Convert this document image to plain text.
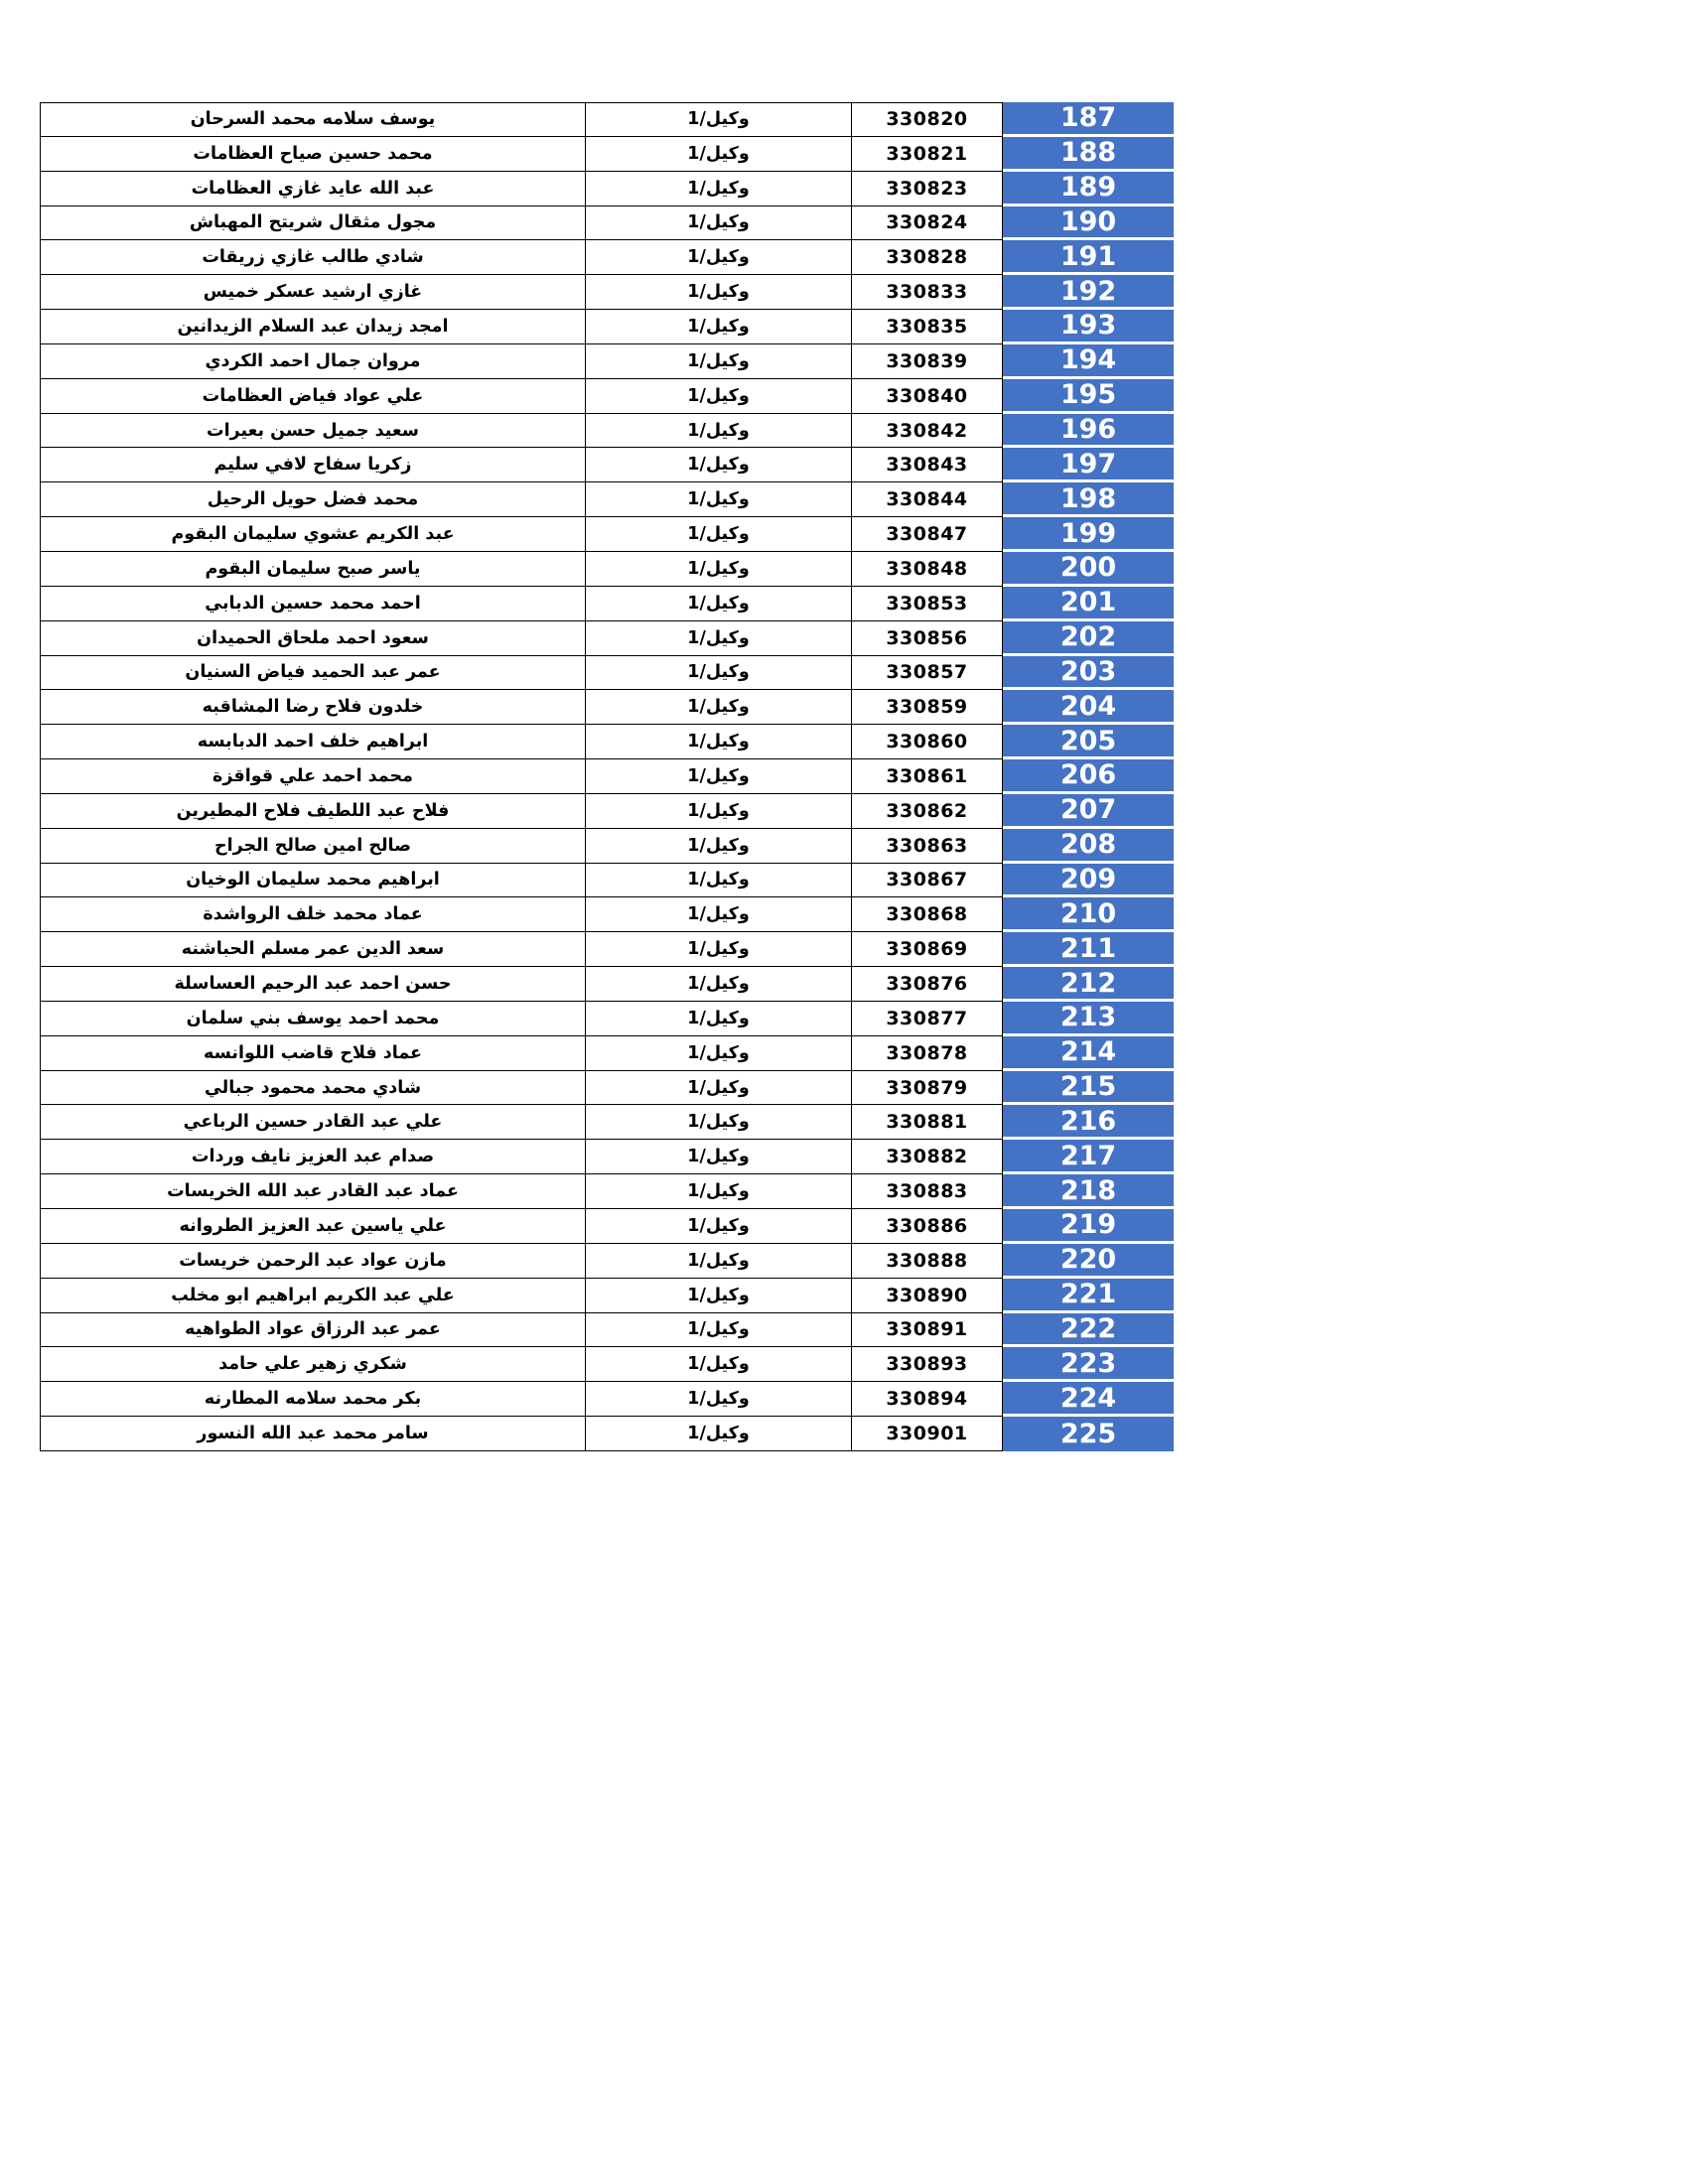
يوسف سلامه محمد السرحان	وكيل/1	330820	187
محمد حسين صياح العظامات	وكيل/1	330821	188
عبد الله عايد غازي العظامات	وكيل/1	330823	189
مجول مثقال شريتح المهباش	وكيل/1	330824	190
شادي طالب غازي زريقات	وكيل/1	330828	191
غازي ارشيد عسكر خميس	وكيل/1	330833	192
امجد زيدان عبد السلام الزيدانين	وكيل/1	330835	193
مروان جمال احمد الكردي	وكيل/1	330839	194
علي عواد فياض العظامات	وكيل/1	330840	195
سعيد جميل حسن بعيرات	وكيل/1	330842	196
زكريا سفاح لافي سليم	وكيل/1	330843	197
محمد فضل حويل الرحيل	وكيل/1	330844	198
عبد الكريم عشوي سليمان البقوم	وكيل/1	330847	199
ياسر صبح سليمان البقوم	وكيل/1	330848	200
احمد محمد حسين الدبابي	وكيل/1	330853	201
سعود احمد ملحاق الحميدان	وكيل/1	330856	202
عمر عبد الحميد فياض السنيان	وكيل/1	330857	203
خلدون فلاح رضا المشاقبه	وكيل/1	330859	204
ابراهيم خلف احمد الدبابسه	وكيل/1	330860	205
محمد احمد علي قواقزة	وكيل/1	330861	206
فلاح عبد اللطيف فلاح المطيرين	وكيل/1	330862	207
صالح امين صالح الجراح	وكيل/1	330863	208
ابراهيم محمد سليمان الوخيان	وكيل/1	330867	209
عماد محمد خلف الرواشدة	وكيل/1	330868	210
سعد الدين عمر مسلم الحباشنه	وكيل/1	330869	211
حسن احمد عبد الرحيم العساسلة	وكيل/1	330876	212
محمد احمد يوسف بني سلمان	وكيل/1	330877	213
عماد فلاح قاضب اللوانسه	وكيل/1	330878	214
شادي محمد محمود جبالي	وكيل/1	330879	215
علي عبد القادر حسين الرباعي	وكيل/1	330881	216
صدام عبد العزيز نايف وردات	وكيل/1	330882	217
عماد عبد القادر عبد الله الخريسات	وكيل/1	330883	218
علي ياسين عبد العزيز الطروانه	وكيل/1	330886	219
مازن عواد عبد الرحمن خريسات	وكيل/1	330888	220
علي عبد الكريم ابراهيم ابو مخلب	وكيل/1	330890	221
عمر عبد الرزاق عواد الطواهيه	وكيل/1	330891	222
شكري زهير علي حامد	وكيل/1	330893	223
بكر محمد سلامه المطارنه	وكيل/1	330894	224
سامر محمد عبد الله النسور	وكيل/1	330901	225
